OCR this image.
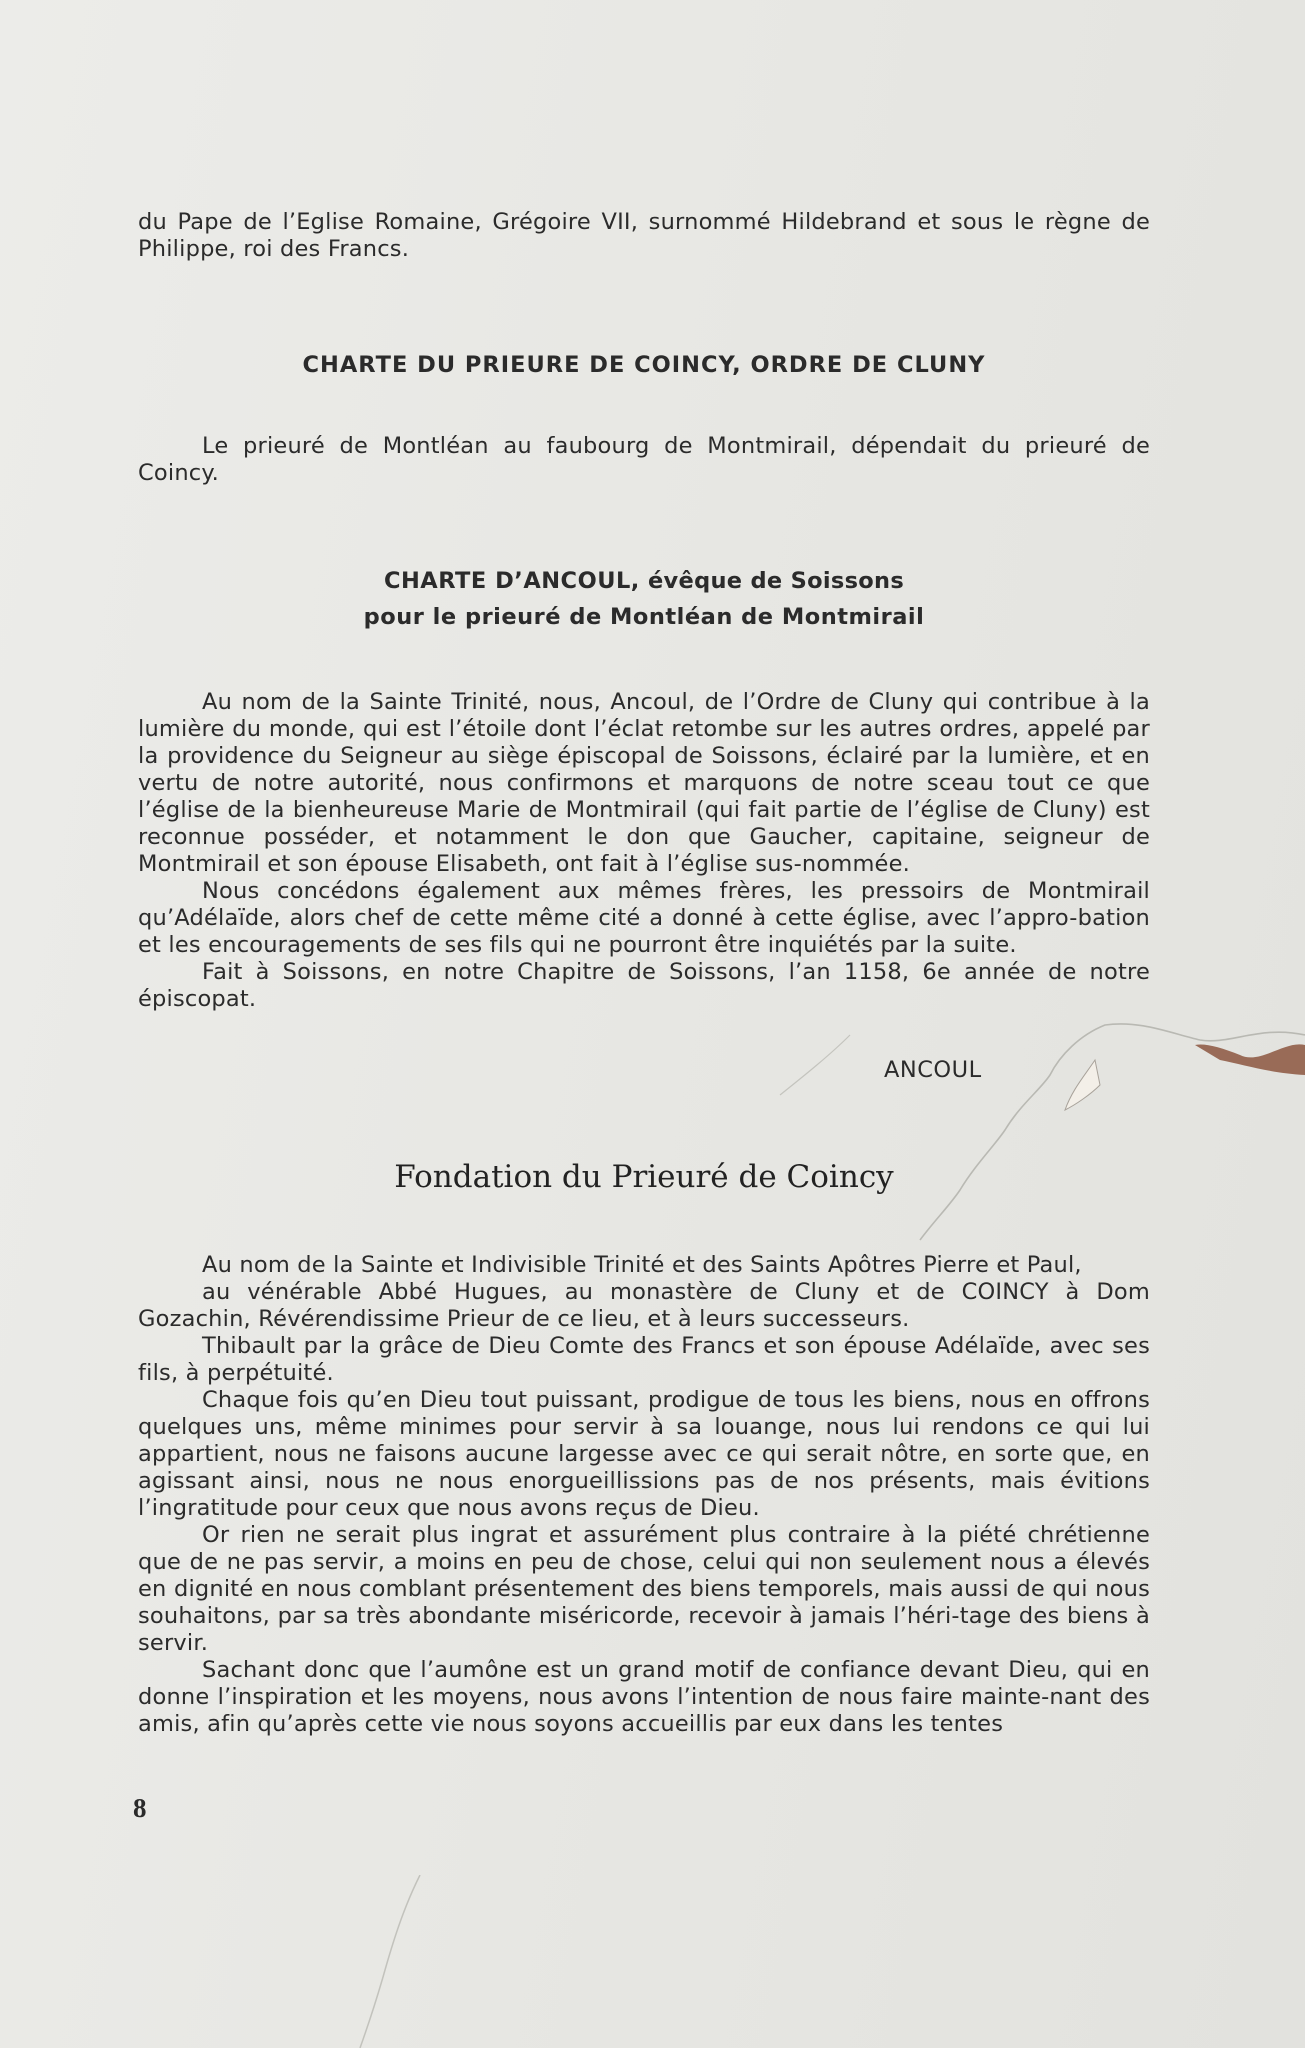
du Pape de l’Eglise Romaine, Grégoire VII, surnommé Hildebrand et sous le règne de Philippe, roi des Francs.

CHARTE DU PRIEURE DE COINCY, ORDRE DE CLUNY

Le prieuré de Montléan au faubourg de Montmirail, dépendait du prieuré de Coincy.

CHARTE D’ANCOUL, évêque de Soissons
pour le prieuré de Montléan de Montmirail

Au nom de la Sainte Trinité, nous, Ancoul, de l’Ordre de Cluny qui contribue à la lumière du monde, qui est l’étoile dont l’éclat retombe sur les autres ordres, appelé par la providence du Seigneur au siège épiscopal de Soissons, éclairé par la lumière, et en vertu de notre autorité, nous confirmons et marquons de notre sceau tout ce que l’église de la bienheureuse Marie de Montmirail (qui fait partie de l’église de Cluny) est reconnue posséder, et notamment le don que Gaucher, capitaine, seigneur de Montmirail et son épouse Elisabeth, ont fait à l’église sus-nommée.

Nous concédons également aux mêmes frères, les pressoirs de Montmirail qu’Adélaïde, alors chef de cette même cité a donné à cette église, avec l’appro-bation et les encouragements de ses fils qui ne pourront être inquiétés par la suite.

Fait à Soissons, en notre Chapitre de Soissons, l’an 1158, 6e année de notre épiscopat.

ANCOUL
Fondation du Prieuré de Coincy

Au nom de la Sainte et Indivisible Trinité et des Saints Apôtres Pierre et Paul,

au vénérable Abbé Hugues, au monastère de Cluny et de COINCY à Dom Gozachin, Révérendissime Prieur de ce lieu, et à leurs successeurs.

Thibault par la grâce de Dieu Comte des Francs et son épouse Adélaïde, avec ses fils, à perpétuité.

Chaque fois qu’en Dieu tout puissant, prodigue de tous les biens, nous en offrons quelques uns, même minimes pour servir à sa louange, nous lui rendons ce qui lui appartient, nous ne faisons aucune largesse avec ce qui serait nôtre, en sorte que, en agissant ainsi, nous ne nous enorgueillissions pas de nos présents, mais évitions l’ingratitude pour ceux que nous avons reçus de Dieu.

Or rien ne serait plus ingrat et assurément plus contraire à la piété chrétienne que de ne pas servir, a moins en peu de chose, celui qui non seulement nous a élevés en dignité en nous comblant présentement des biens temporels, mais aussi de qui nous souhaitons, par sa très abondante miséricorde, recevoir à jamais l’héri-tage des biens à servir.

Sachant donc que l’aumône est un grand motif de confiance devant Dieu, qui en donne l’inspiration et les moyens, nous avons l’intention de nous faire mainte-nant des amis, afin qu’après cette vie nous soyons accueillis par eux dans les tentes

8
